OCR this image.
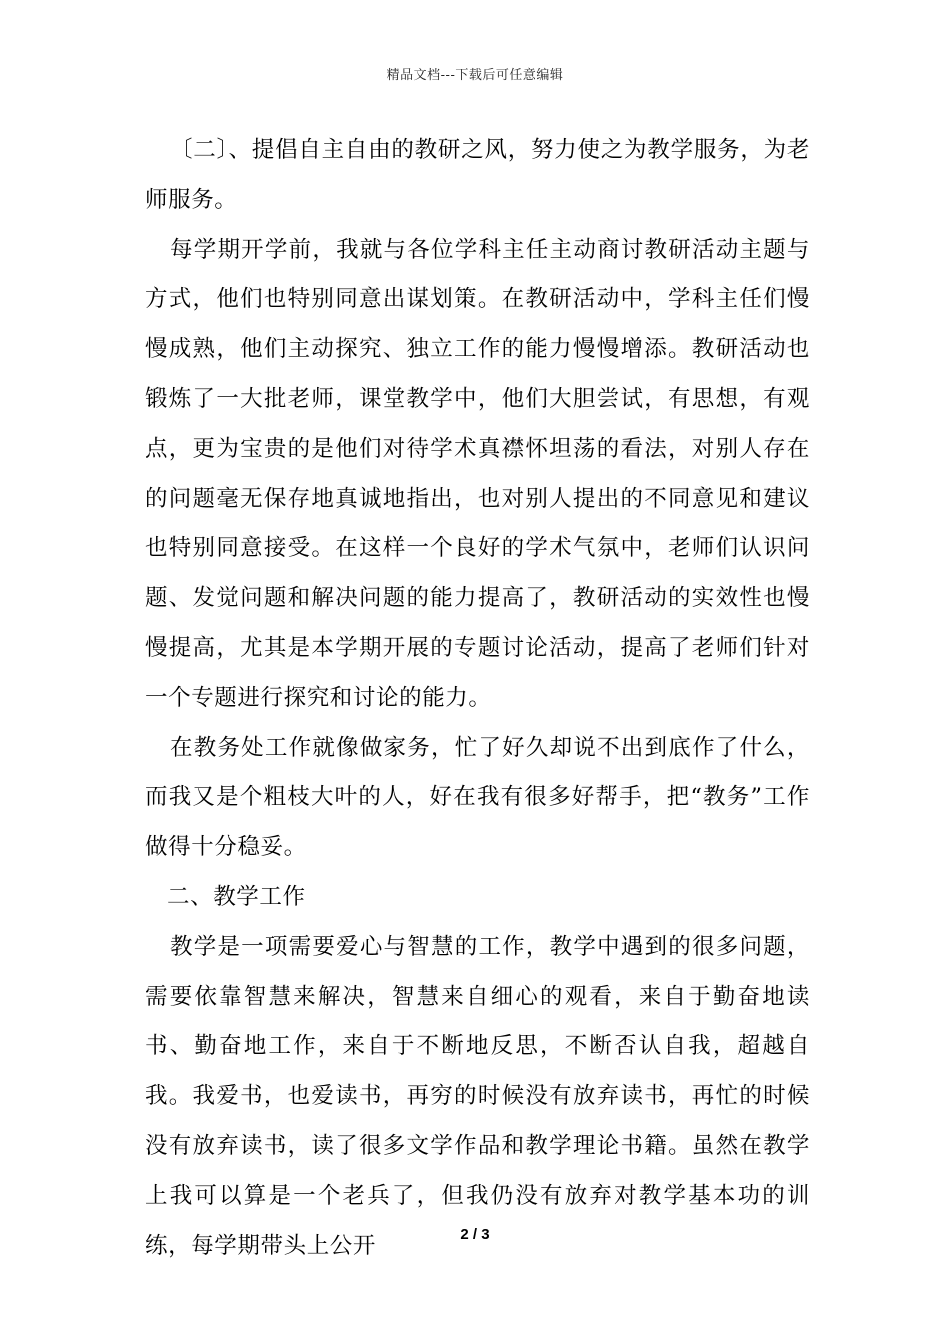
精品文档---下载后可任意编辑

〔二〕、提倡自主自由的教研之风，努力使之为教学服务，为老师服务。

每学期开学前，我就与各位学科主任主动商讨教研活动主题与方式，他们也特别同意出谋划策。在教研活动中，学科主任们慢慢成熟，他们主动探究、独立工作的能力慢慢增添。教研活动也锻炼了一大批老师，课堂教学中，他们大胆尝试，有思想，有观点，更为宝贵的是他们对待学术真襟怀坦荡的看法，对别人存在的问题毫无保存地真诚地指出，也对别人提出的不同意见和建议也特别同意接受。在这样一个良好的学术气氛中，老师们认识问题、发觉问题和解决问题的能力提高了，教研活动的实效性也慢慢提高，尤其是本学期开展的专题讨论活动，提高了老师们针对一个专题进行探究和讨论的能力。

在教务处工作就像做家务，忙了好久却说不出到底作了什么，而我又是个粗枝大叶的人，好在我有很多好帮手，把“教务”工作做得十分稳妥。

二、教学工作

教学是一项需要爱心与智慧的工作，教学中遇到的很多问题，需要依靠智慧来解决，智慧来自细心的观看，来自于勤奋地读书、勤奋地工作，来自于不断地反思，不断否认自我，超越自我。我爱书，也爱读书，再穷的时候没有放弃读书，再忙的时候没有放弃读书，读了很多文学作品和教学理论书籍。虽然在教学上我可以算是一个老兵了，但我仍没有放弃对教学基本功的训练，每学期带头上公开	2 / 3
